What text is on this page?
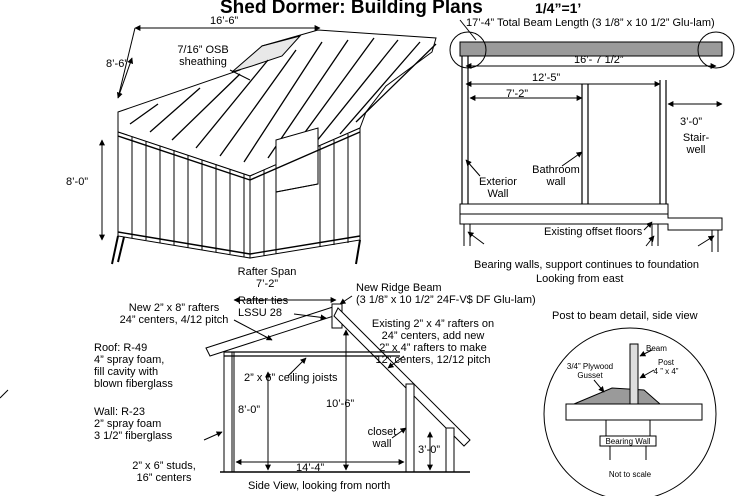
Shed Dormer: Building Plans	1/4”=1’
16’-6”
8’-6”
8’-0”
7/16” OSB
sheathing
17’-4” Total Beam Length (3 1/8” x 10 1/2” Glu-lam)
16’- 7 1/2”
12’-5”
7’-2”
3’-0”
Stair-
well
Exterior
Wall
Bathroom
wall
Existing offset floors
Bearing walls, support continues to foundation
Looking from east
Rafter Span
7’-2”	New Ridge Beam
(3 1/8” x 10 1/2” 24F-V$ DF Glu-lam)
New 2” x 8” rafters
24” centers, 4/12 pitch
Rafter ties
LSSU 28
Roof: R-49
4” spray foam,
fill cavity with
blown fiberglass
Wall: R-23
2” spray foam
3 1/2” fiberglass
2” x 6” studs,
16” centers
2” x 6” ceiling joists
Existing 2” x 4” rafters on
24” centers, add new
2” x 4” rafters to make
12” centers, 12/12 pitch
8’-0”	10’-6”
closet
wall	3’-0”
14’-4”
Side View, looking from north
Post to beam detail, side view
Beam
Post
4 ” x 4”
3/4” Plywood
Gusset
Bearing Wall
Not to scale
